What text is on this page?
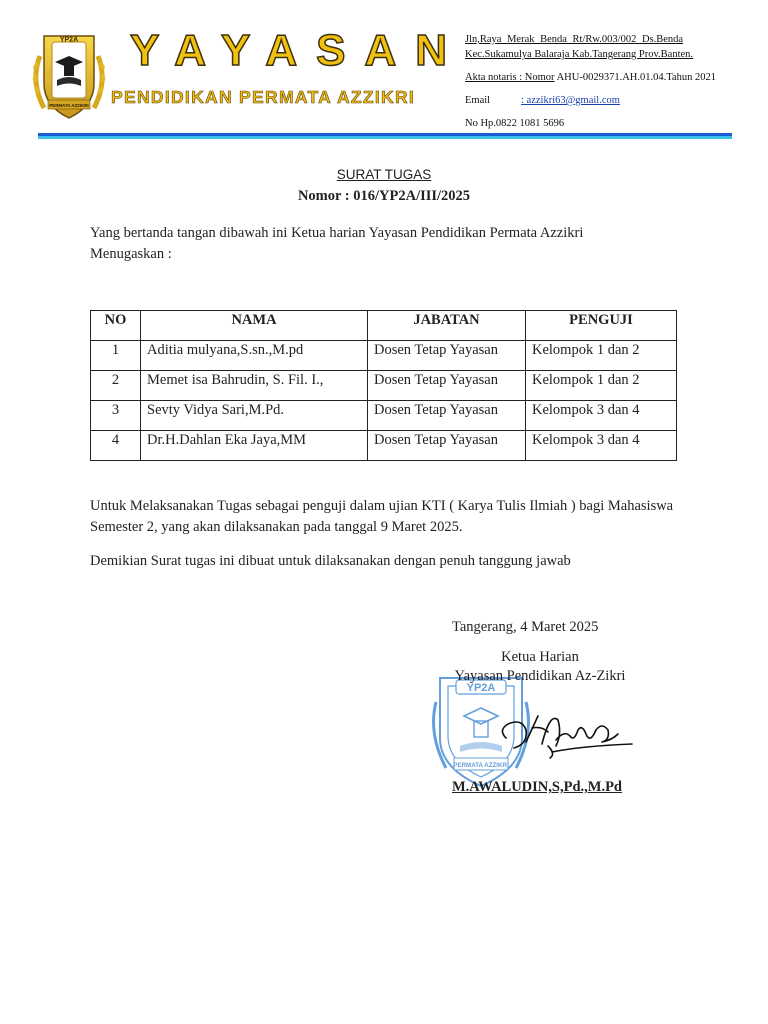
YP2A
PERMATA AZZIKRI
YAYASAN
PENDIDIKAN PERMATA AZZIKRI
Jln,Raya Merak Benda Rt/Rw.003/002 Ds.Benda
Kec.Sukamulya Balaraja Kab.Tangerang Prov.Banten.
Akta notaris : Nomor AHU-0029371.AH.01.04.Tahun 2021
Email	: azzikri63@gmail.com
No Hp.0822 1081 5696
SURAT TUGAS
Nomor : 016/YP2A/III/2025
Yang bertanda tangan dibawah ini Ketua harian Yayasan Pendidikan Permata Azzikri Menugaskan :
NO	NAMA	JABATAN	PENGUJI
1	Aditia mulyana,S.sn.,M.pd	Dosen Tetap Yayasan	Kelompok 1 dan 2
2	Memet isa Bahrudin, S. Fil. I.,	Dosen Tetap Yayasan	Kelompok 1 dan 2
3	Sevty Vidya Sari,M.Pd.	Dosen Tetap Yayasan	Kelompok 3 dan 4
4	Dr.H.Dahlan Eka Jaya,MM	Dosen Tetap Yayasan	Kelompok 3 dan 4
Untuk Melaksanakan Tugas sebagai penguji dalam ujian KTI ( Karya Tulis Ilmiah ) bagi Mahasiswa Semester 2, yang akan dilaksanakan pada tanggal 9 Maret 2025.
Demikian Surat tugas ini dibuat untuk dilaksanakan dengan penuh tanggung jawab
Tangerang, 4 Maret 2025
YP2A
PERMATA AZZIKRI
Ketua Harian
Yayasan Pendidikan Az-Zikri
M.AWALUDIN,S,Pd.,M.Pd
